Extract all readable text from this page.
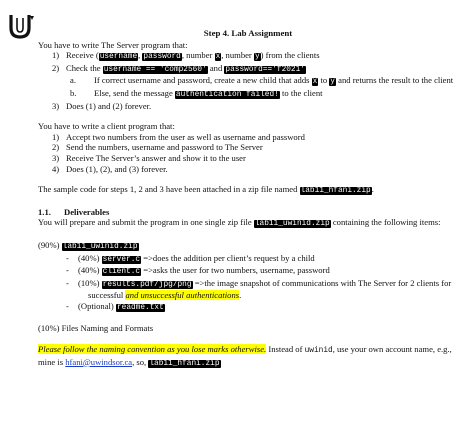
Step 4. Lab Assignment

You have to write The Server program that:

1) Receive (username, password, number x, number y) from the clients

2) Check the username == 'comp2560' and password=='f2021'

a. If correct username and password, create a new child that adds x to y and returns the result to the client

b. Else, send the message authentication failed! to the client

3) Does (1) and (2) forever.

You have to write a client program that:

1) Accept two numbers from the user as well as username and password

2) Send the numbers, username and password to The Server

3) Receive The Server’s answer and show it to the user

4) Does (1), (2), and (3) forever.

The sample code for steps 1, 2 and 3 have been attached in a zip file named lab11_hfani.zip.

1.1. Deliverables

You will prepare and submit the program in one single zip file lab11_uwinid.zip containing the following items:

(90%) lab11_uwinid.zip

- (40%) server.c =>does the addition per client’s request by a child

- (40%) client.c =>asks the user for two numbers, username, password

- (10%) results.pdf/jpg/png =>the image snapshot of communications with The Server for 2 clients for successful and unsuccessful authentications.

- (Optional) readme.txt

(10%) Files Naming and Formats

Please follow the naming convention as you lose marks otherwise. Instead of uwinid, use your own account name, e.g., mine is hfani@uwindsor.ca, so, lab11_hfani.zip
